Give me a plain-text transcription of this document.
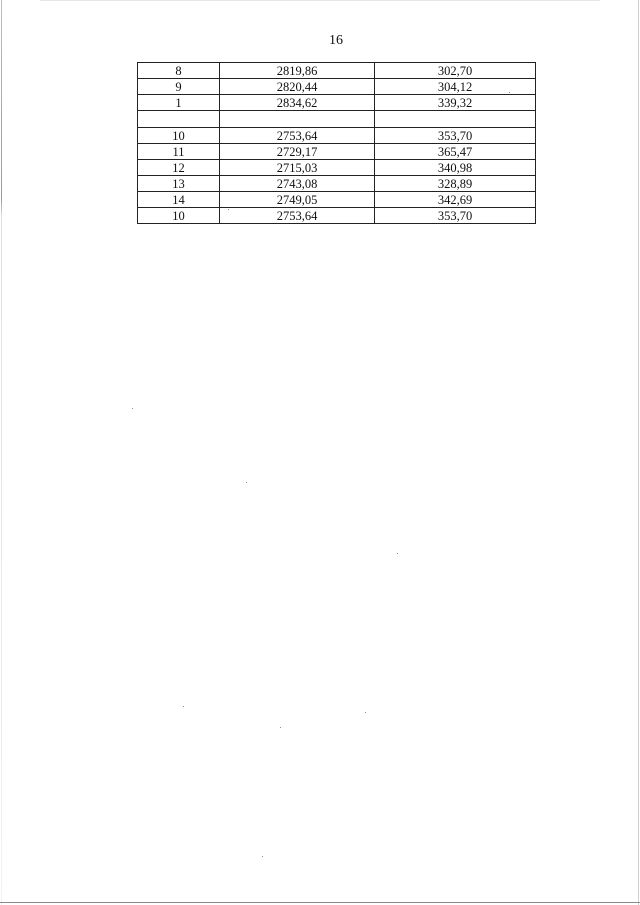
16
8	2819,86	302,70
9	2820,44	304,12
1	2834,62	339,32

10	2753,64	353,70
11	2729,17	365,47
12	2715,03	340,98
13	2743,08	328,89
14	2749,05	342,69
10	2753,64	353,70
